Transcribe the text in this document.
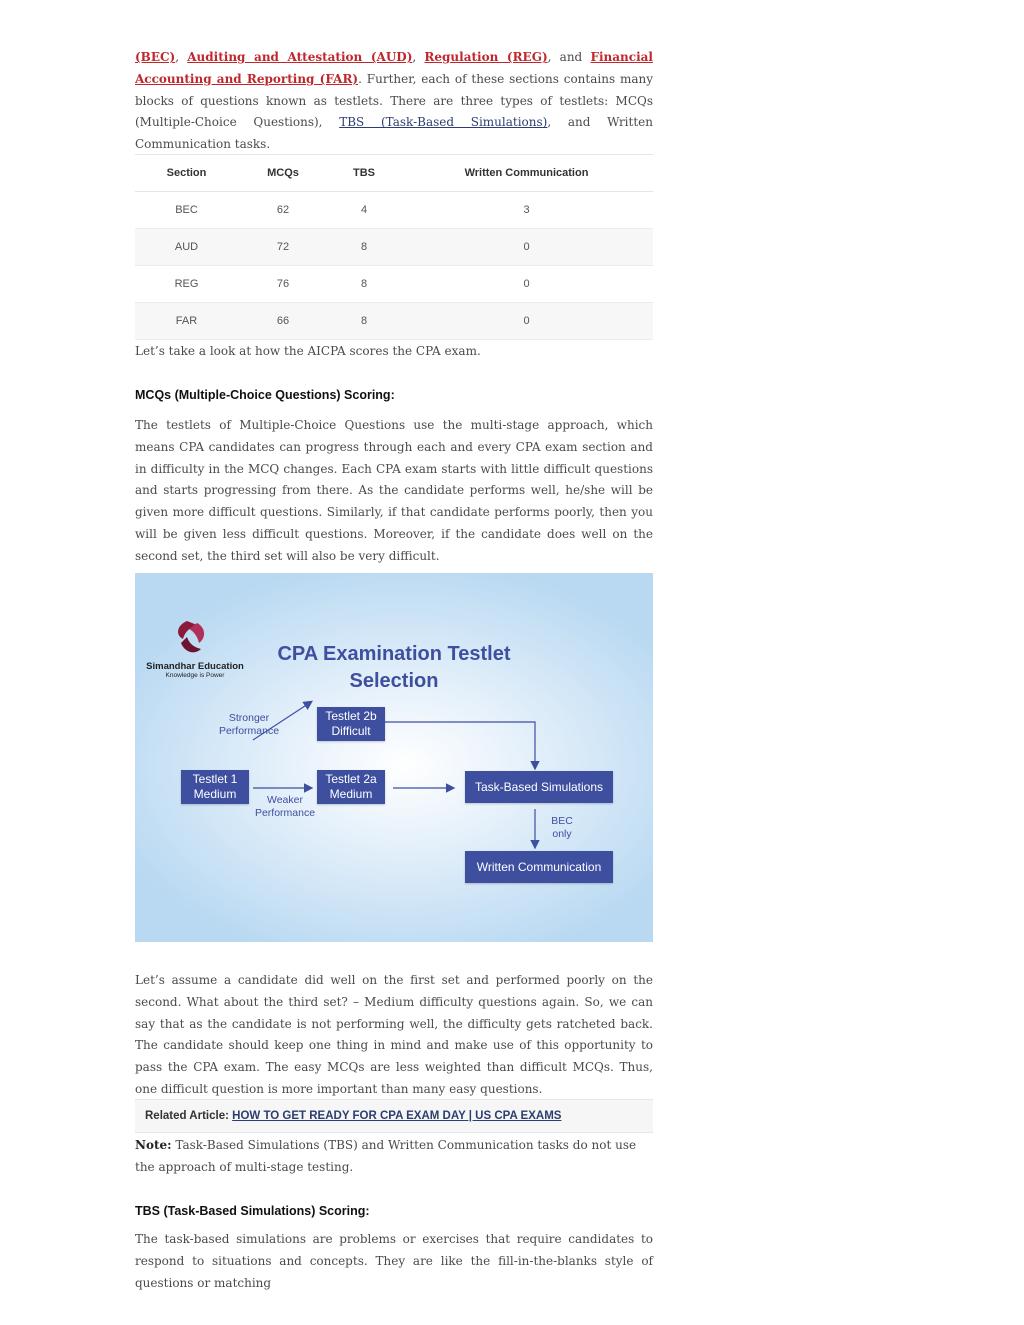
(BEC), Auditing and Attestation (AUD), Regulation (REG), and Financial Accounting and Reporting (FAR). Further, each of these sections contains many blocks of questions known as testlets. There are three types of testlets: MCQs (Multiple-Choice Questions), TBS (Task-Based Simulations), and Written Communication tasks.

Section	MCQs	TBS	Written Communication
BEC	62	4	3
AUD	72	8	0
REG	76	8	0
FAR	66	8	0

Let’s take a look at how the AICPA scores the CPA exam.

MCQs (Multiple-Choice Questions) Scoring:

The testlets of Multiple-Choice Questions use the multi-stage approach, which means CPA candidates can progress through each and every CPA exam section and in difficulty in the MCQ changes. Each CPA exam starts with little difficult questions and starts progressing from there. As the candidate performs well, he/she will be given more difficult questions. Similarly, if that candidate performs poorly, then you will be given less difficult questions. Moreover, if the candidate does well on the second set, the third set will also be very difficult.

Simandhar Education
Knowledge is Power
CPA Examination Testlet Selection
Stronger Performance
Weaker Performance
BEC only
Testlet 1 Medium
Testlet 2b Difficult
Testlet 2a Medium
Task-Based Simulations
Written Communication

Let’s assume a candidate did well on the first set and performed poorly on the second. What about the third set? – Medium difficulty questions again. So, we can say that as the candidate is not performing well, the difficulty gets ratcheted back. The candidate should keep one thing in mind and make use of this opportunity to pass the CPA exam. The easy MCQs are less weighted than difficult MCQs. Thus, one difficult question is more important than many easy questions.

Related Article: HOW TO GET READY FOR CPA EXAM DAY | US CPA EXAMS

Note: Task-Based Simulations (TBS) and Written Communication tasks do not use the approach of multi-stage testing.

TBS (Task-Based Simulations) Scoring:

The task-based simulations are problems or exercises that require candidates to respond to situations and concepts. They are like the fill-in-the-blanks style of questions or matching
